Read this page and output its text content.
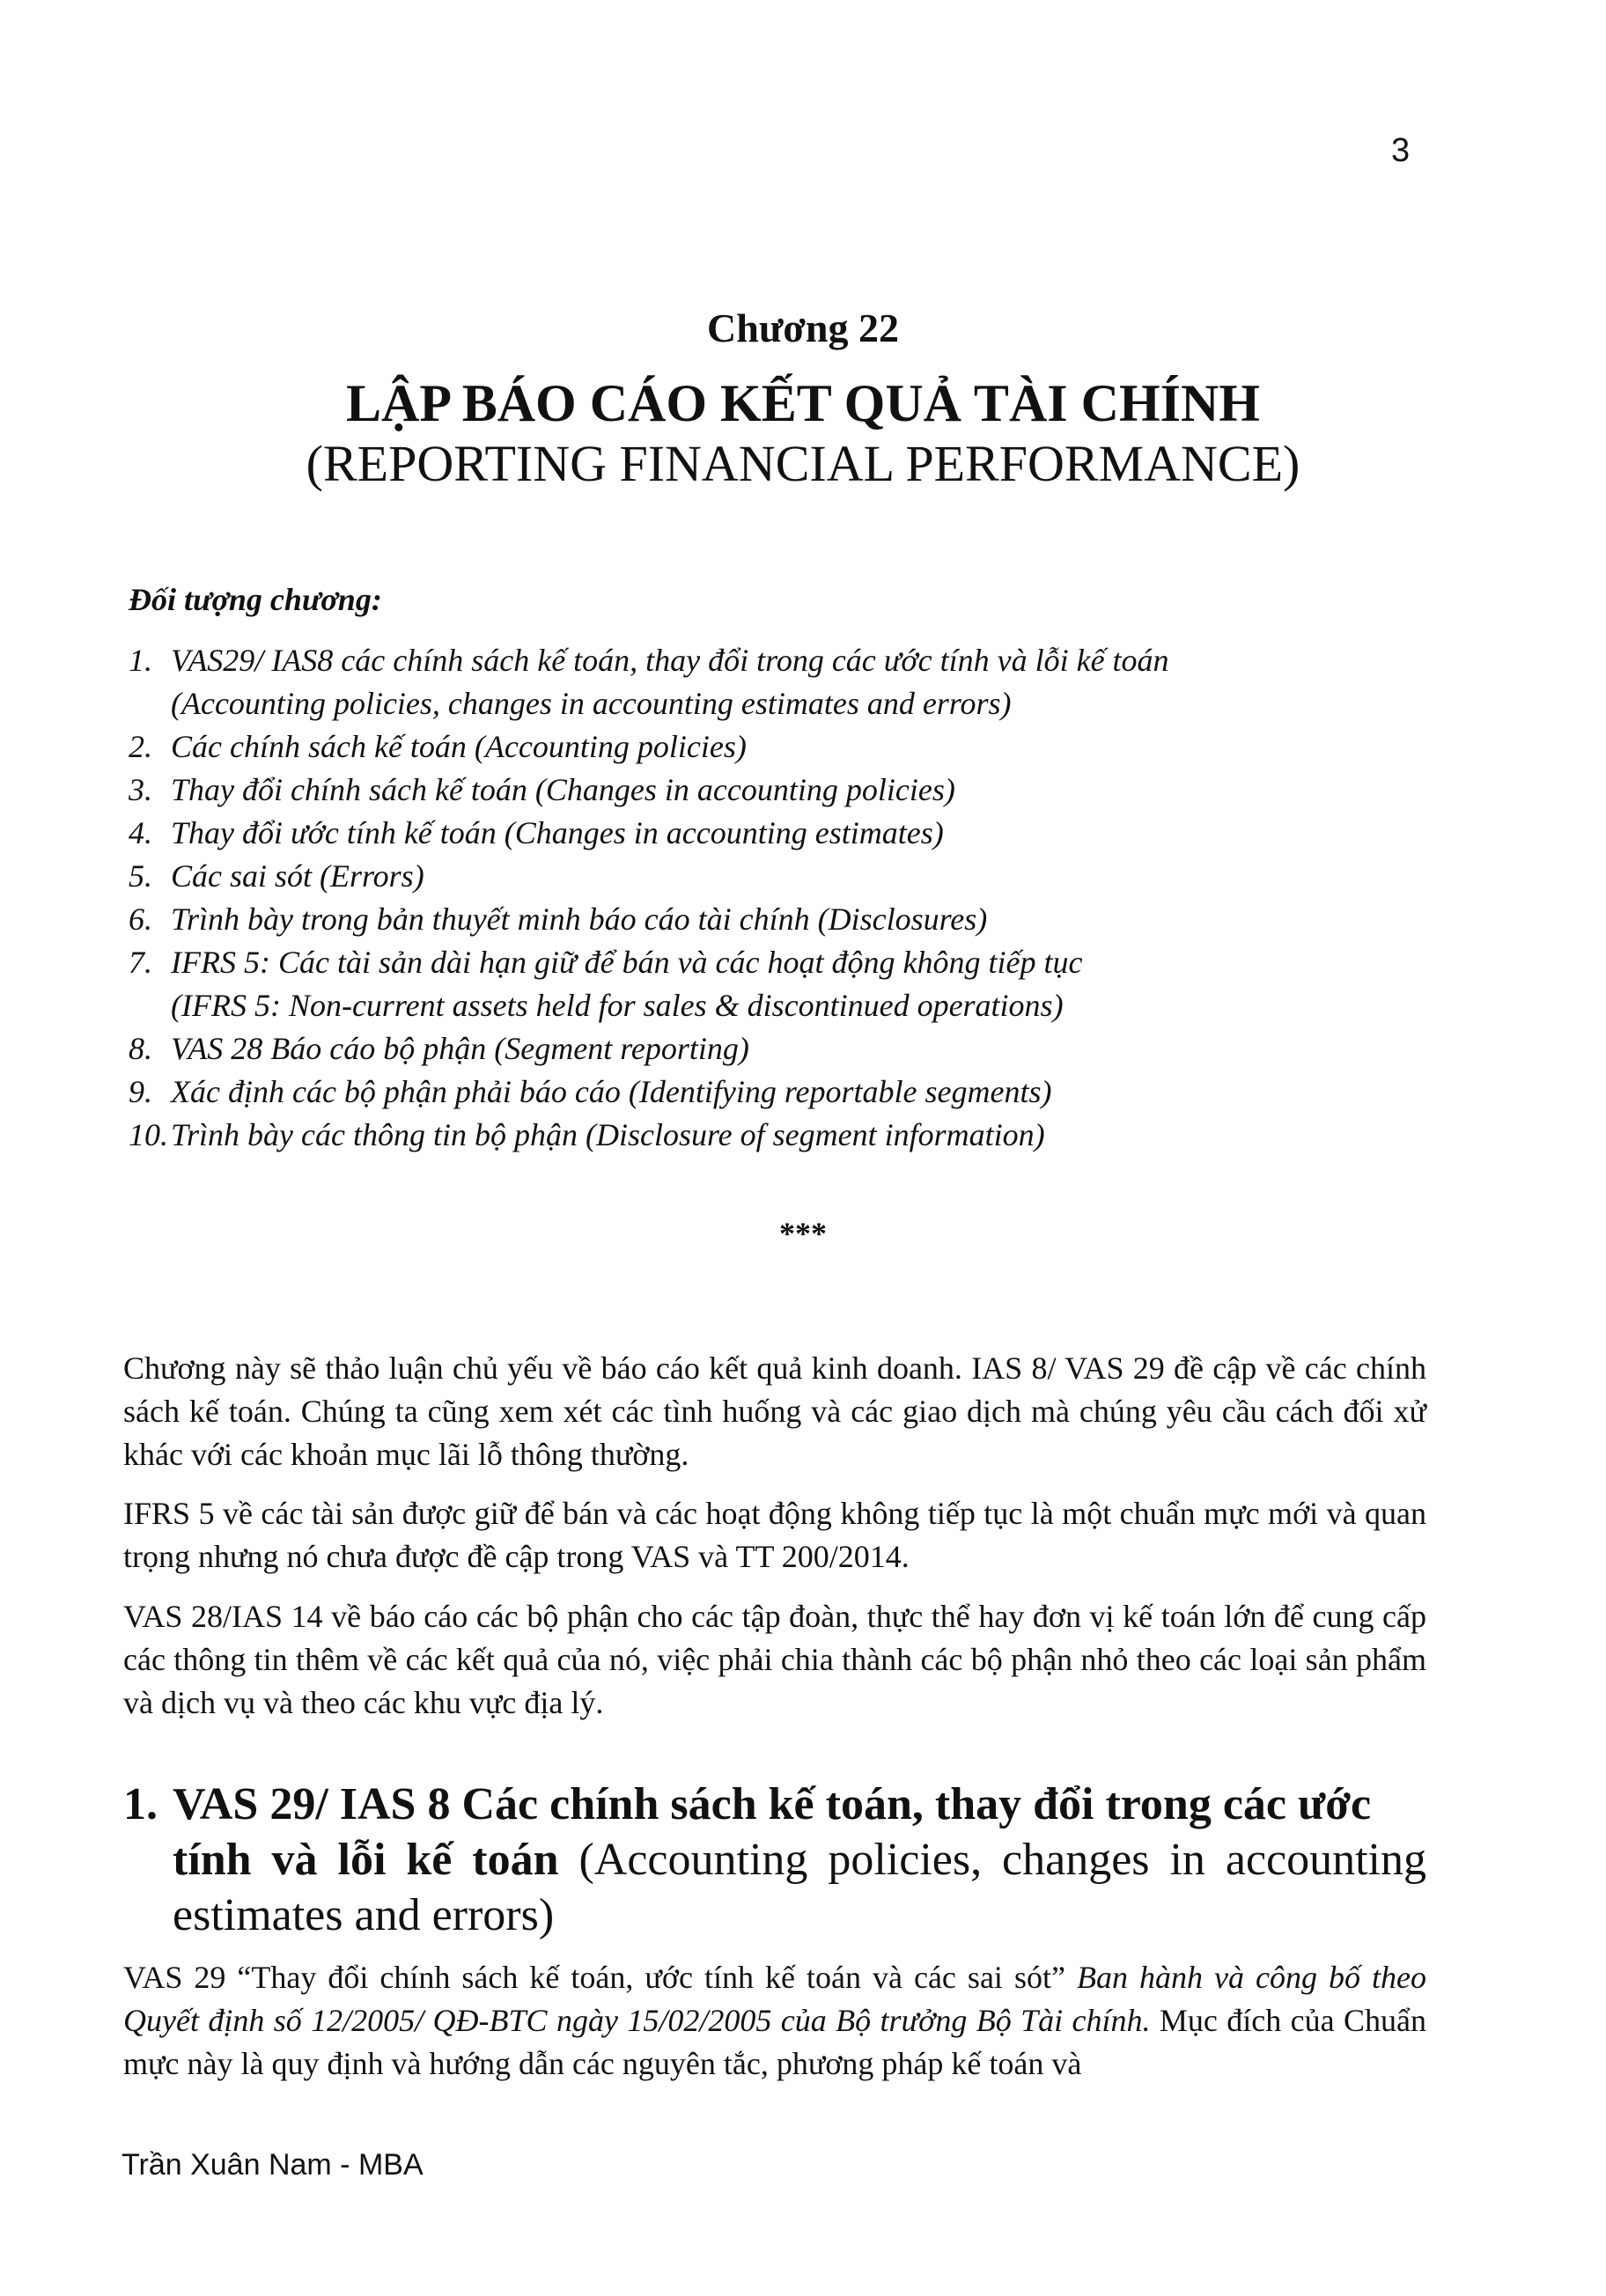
3
Chương 22
LẬP BÁO CÁO KẾT QUẢ TÀI CHÍNH
(REPORTING FINANCIAL PERFORMANCE)
Đối tượng chương:
1. VAS29/ IAS8 các chính sách kế toán, thay đổi trong các ước tính và lỗi kế toán
(Accounting policies, changes in accounting estimates and errors)
2. Các chính sách kế toán (Accounting policies)
3. Thay đổi chính sách kế toán (Changes in accounting policies)
4. Thay đổi ước tính kế toán (Changes in accounting estimates)
5. Các sai sót (Errors)
6. Trình bày trong bản thuyết minh báo cáo tài chính (Disclosures)
7. IFRS 5: Các tài sản dài hạn giữ để bán và các hoạt động không tiếp tục
(IFRS 5: Non-current assets held for sales & discontinued operations)
8. VAS 28 Báo cáo bộ phận (Segment reporting)
9. Xác định các bộ phận phải báo cáo (Identifying reportable segments)
10. Trình bày các thông tin bộ phận (Disclosure of segment information)
***

Chương này sẽ thảo luận chủ yếu về báo cáo kết quả kinh doanh. IAS 8/ VAS 29 đề cập về các chính sách kế toán. Chúng ta cũng xem xét các tình huống và các giao dịch mà chúng yêu cầu cách đối xử khác với các khoản mục lãi lỗ thông thường.

IFRS 5 về các tài sản được giữ để bán và các hoạt động không tiếp tục là một chuẩn mực mới và quan trọng nhưng nó chưa được đề cập trong VAS và TT 200/2014.

VAS 28/IAS 14 về báo cáo các bộ phận cho các tập đoàn, thực thể hay đơn vị kế toán lớn để cung cấp các thông tin thêm về các kết quả của nó, việc phải chia thành các bộ phận nhỏ theo các loại sản phẩm và dịch vụ và theo các khu vực địa lý.

1. VAS 29/ IAS 8 Các chính sách kế toán, thay đổi trong các ước
tính và lỗi kế toán (Accounting policies, changes in accounting estimates and errors)

VAS 29 “Thay đổi chính sách kế toán, ước tính kế toán và các sai sót” Ban hành và công bố theo Quyết định số 12/2005/ QĐ-BTC ngày 15/02/2005 của Bộ trưởng Bộ Tài chính. Mục đích của Chuẩn mực này là quy định và hướng dẫn các nguyên tắc, phương pháp kế toán và

Trần Xuân Nam - MBA
